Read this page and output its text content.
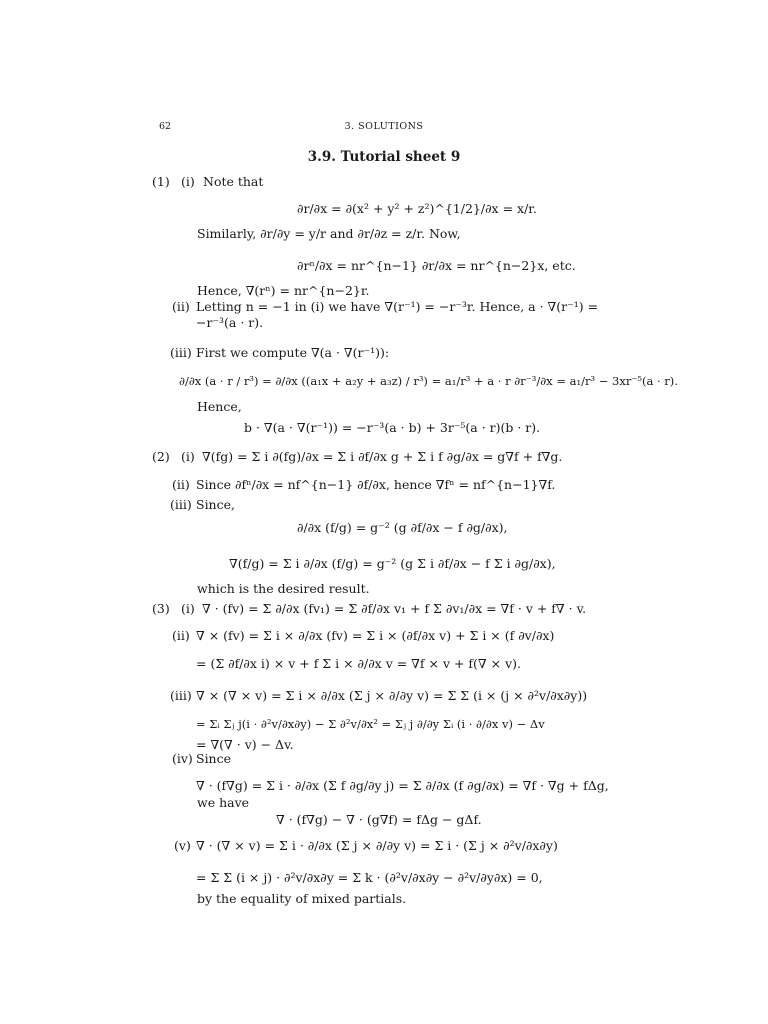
62	3. SOLUTIONS
3.9. Tutorial sheet 9
(1) (i) Note that
∂r/∂x = ∂(x² + y² + z²)^{1/2}/∂x = x/r.
Similarly, ∂r/∂y = y/r and ∂r/∂z = z/r. Now,
∂rⁿ/∂x = nr^{n−1} ∂r/∂x = nr^{n−2}x, etc.
Hence, ∇(rⁿ) = nr^{n−2}r.
(ii) Letting n = −1 in (i) we have ∇(r⁻¹) = −r⁻³r. Hence, a · ∇(r⁻¹) =
−r⁻³(a · r).
(iii) First we compute ∇(a · ∇(r⁻¹)):
∂/∂x (a · r / r³) = ∂/∂x ((a₁x + a₂y + a₃z) / r³) = a₁/r³ + a · r ∂r⁻³/∂x = a₁/r³ − 3xr⁻⁵(a · r).
Hence,
b · ∇(a · ∇(r⁻¹)) = −r⁻³(a · b) + 3r⁻⁵(a · r)(b · r).
(2) (i) ∇(fg) = Σ i ∂(fg)/∂x = Σ i ∂f/∂x g + Σ i f ∂g/∂x = g∇f + f∇g.
(ii) Since ∂fⁿ/∂x = nf^{n−1} ∂f/∂x, hence ∇fⁿ = nf^{n−1}∇f.
(iii) Since,
∂/∂x (f/g) = g⁻² (g ∂f/∂x − f ∂g/∂x),
∇(f/g) = Σ i ∂/∂x (f/g) = g⁻² (g Σ i ∂f/∂x − f Σ i ∂g/∂x),
which is the desired result.
(3) (i) ∇ · (fv) = Σ ∂/∂x (fv₁) = Σ ∂f/∂x v₁ + f Σ ∂v₁/∂x = ∇f · v + f∇ · v.
(ii) ∇ × (fv) = Σ i × ∂/∂x (fv) = Σ i × (∂f/∂x v) + Σ i × (f ∂v/∂x)
= (Σ ∂f/∂x i) × v + f Σ i × ∂/∂x v = ∇f × v + f(∇ × v).
(iii) ∇ × (∇ × v) = Σ i × ∂/∂x (Σ j × ∂/∂y v) = Σ Σ (i × (j × ∂²v/∂x∂y))
= Σᵢ Σⱼ j(i · ∂²v/∂x∂y) − Σ ∂²v/∂x² = Σⱼ j ∂/∂y Σᵢ (i · ∂/∂x v) − Δv
= ∇(∇ · v) − Δv.
(iv) Since
∇ · (f∇g) = Σ i · ∂/∂x (Σ f ∂g/∂y j) = Σ ∂/∂x (f ∂g/∂x) = ∇f · ∇g + fΔg,
we have
∇ · (f∇g) − ∇ · (g∇f) = fΔg − gΔf.
(v) ∇ · (∇ × v) = Σ i · ∂/∂x (Σ j × ∂/∂y v) = Σ i · (Σ j × ∂²v/∂x∂y)
= Σ Σ (i × j) · ∂²v/∂x∂y = Σ k · (∂²v/∂x∂y − ∂²v/∂y∂x) = 0,
by the equality of mixed partials.
